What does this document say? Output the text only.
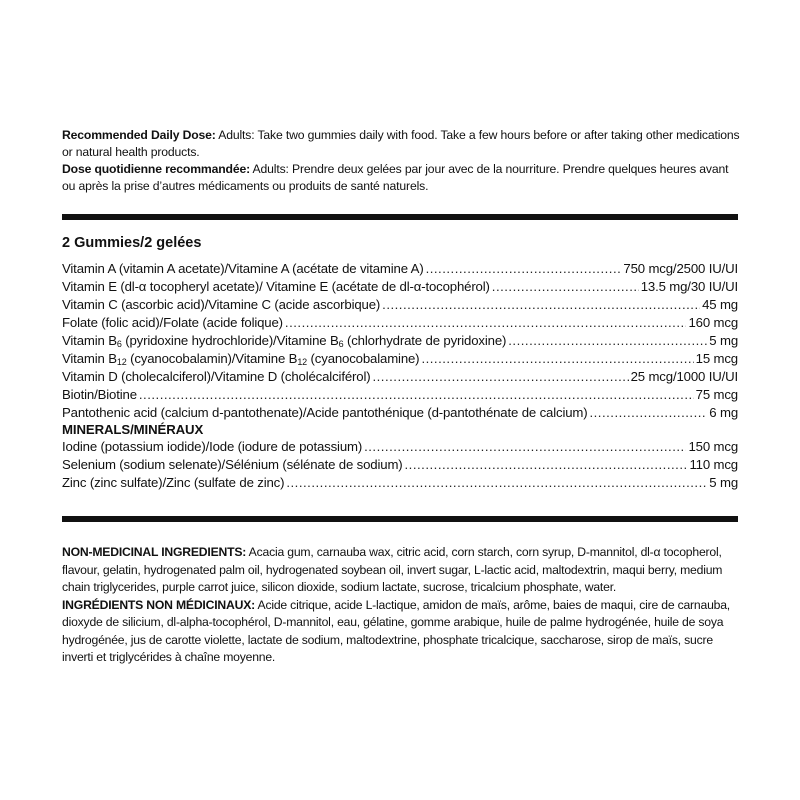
Recommended Daily Dose: Adults: Take two gummies daily with food. Take a few hours before or after taking other medications or natural health products.

Dose quotidienne recommandée: Adults: Prendre deux gelées par jour avec de la nourriture. Prendre quelques heures avant ou après la prise d’autres médicaments ou produits de santé naturels.

2 Gummies/2 gelées
Vitamin A (vitamin A acetate)/Vitamine A (acétate de vitamine A) .....	750 mcg/2500 IU/UI
Vitamin E (dl-α tocopheryl acetate)/ Vitamine E (acétate de dl-α-tocophérol) .....	13.5 mg/30 IU/UI
Vitamin C (ascorbic acid)/Vitamine C (acide ascorbique) .....	45 mg
Folate (folic acid)/Folate (acide folique) .....	160 mcg
Vitamin $B_6$ (pyridoxine hydrochloride)/Vitamine $B_6$ (chlorhydrate de pyridoxine) .....	5 mg
Vitamin $B_{12}$ (cyanocobalamin)/Vitamine $B_{12}$ (cyanocobalamine) .....	15 mcg
Vitamin D (cholecalciferol)/Vitamine D (cholécalciférol) .....	25 mcg/1000 IU/UI
Biotin/Biotine .....	75 mcg
Pantothenic acid (calcium d-pantothenate)/Acide pantothénique (d-pantothénate de calcium) .....	6 mg
MINERALS/MINÉRAUX
Iodine (potassium iodide)/Iode (iodure de potassium) .....	150 mcg
Selenium (sodium selenate)/Sélénium (sélénate de sodium) .....	110 mcg
Zinc (zinc sulfate)/Zinc (sulfate de zinc) .....	5 mg

NON-MEDICINAL INGREDIENTS: Acacia gum, carnauba wax, citric acid, corn starch, corn syrup, D-mannitol, dl-α tocopherol, flavour, gelatin, hydrogenated palm oil, hydrogenated soybean oil, invert sugar, L-lactic acid, maltodextrin, maqui berry, medium chain triglycerides, purple carrot juice, silicon dioxide, sodium lactate, sucrose, tricalcium phosphate, water.

INGRÉDIENTS NON MÉDICINAUX: Acide citrique, acide L-lactique, amidon de maïs, arôme, baies de maqui, cire de carnauba, dioxyde de silicium, dl-alpha-tocophérol, D-mannitol, eau, gélatine, gomme arabique, huile de palme hydrogénée, huile de soya hydrogénée, jus de carotte violette, lactate de sodium, maltodextrine, phosphate tricalcique, saccharose, sirop de maïs, sucre inverti et triglycérides à chaîne moyenne.
